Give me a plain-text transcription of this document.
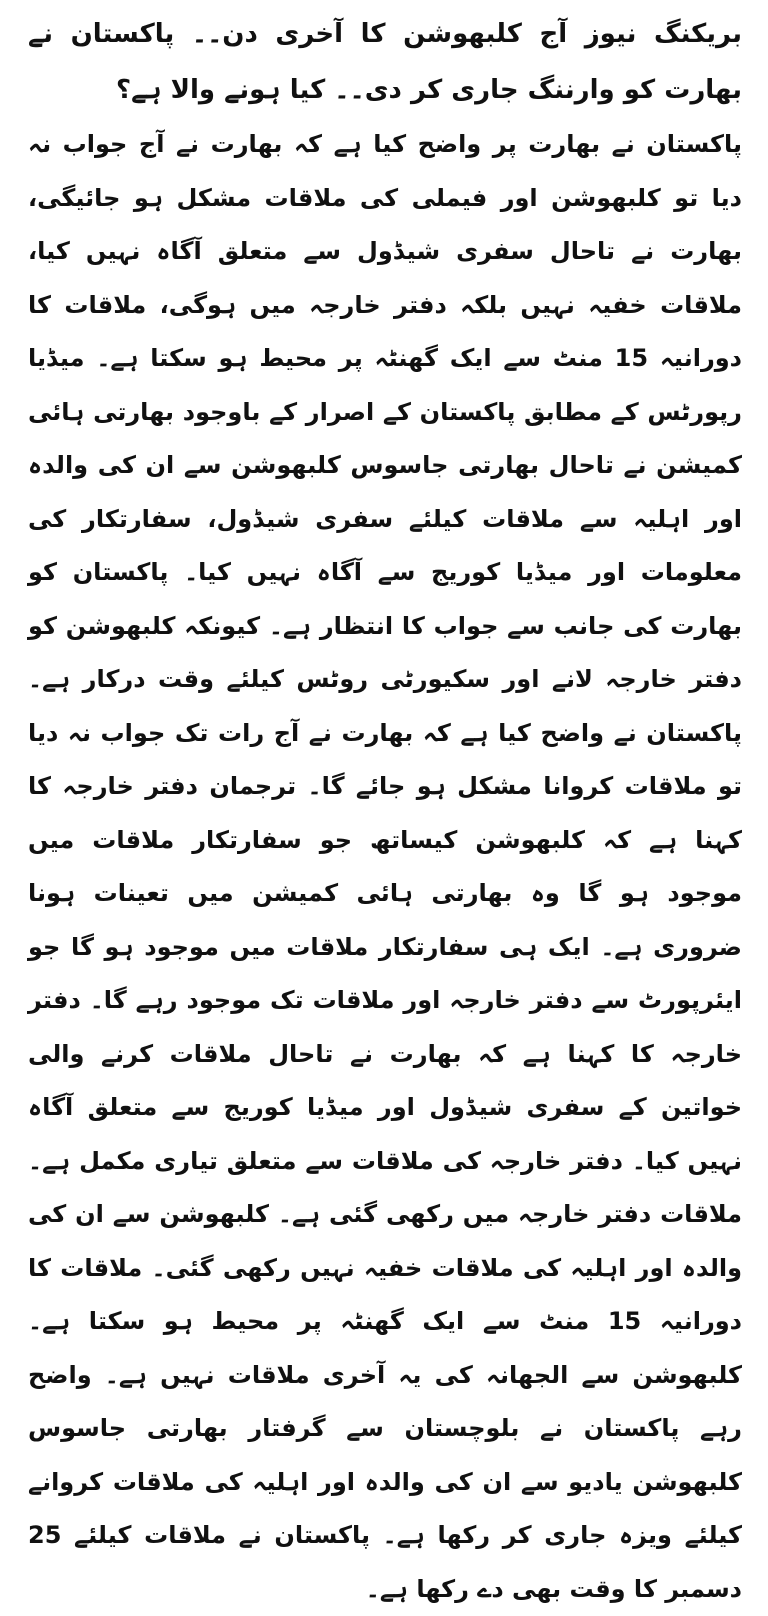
بریکنگ نیوز آج کلبھوشن کا آخری دن۔۔ پاکستان نے بھارت کو وارننگ جاری کر دی۔۔ کیا ہونے والا ہے؟

پاکستان نے بھارت پر واضح کیا ہے کہ بھارت نے آج جواب نہ دیا تو کلبھوشن اور فیملی کی ملاقات مشکل ہو جائیگی، بھارت نے تاحال سفری شیڈول سے متعلق آگاہ نہیں کیا، ملاقات خفیہ نہیں بلکہ دفتر خارجہ میں ہوگی، ملاقات کا دورانیہ 15 منٹ سے ایک گھنٹہ پر محیط ہو سکتا ہے۔ میڈیا رپورٹس کے مطابق پاکستان کے اصرار کے باوجود بھارتی ہائی کمیشن نے تاحال بھارتی جاسوس کلبھوشن سے ان کی والدہ اور اہلیہ سے ملاقات کیلئے سفری شیڈول، سفارتکار کی معلومات اور میڈیا کوریج سے آگاہ نہیں کیا۔ پاکستان کو بھارت کی جانب سے جواب کا انتظار ہے۔ کیونکہ کلبھوشن کو دفتر خارجہ لانے اور سکیورٹی روٹس کیلئے وقت درکار ہے۔ پاکستان نے واضح کیا ہے کہ بھارت نے آج رات تک جواب نہ دیا تو ملاقات کروانا مشکل ہو جائے گا۔ ترجمان دفتر خارجہ کا کہنا ہے کہ کلبھوشن کیساتھ جو سفارتکار ملاقات میں موجود ہو گا وہ بھارتی ہائی کمیشن میں تعینات ہونا ضروری ہے۔ ایک ہی سفارتکار ملاقات میں موجود ہو گا جو ایئرپورٹ سے دفتر خارجہ اور ملاقات تک موجود رہے گا۔ دفتر خارجہ کا کہنا ہے کہ بھارت نے تاحال ملاقات کرنے والی خواتین کے سفری شیڈول اور میڈیا کوریج سے متعلق آگاہ نہیں کیا۔ دفتر خارجہ کی ملاقات سے متعلق تیاری مکمل ہے۔ ملاقات دفتر خارجہ میں رکھی گئی ہے۔ کلبھوشن سے ان کی والدہ اور اہلیہ کی ملاقات خفیہ نہیں رکھی گئی۔ ملاقات کا دورانیہ 15 منٹ سے ایک گھنٹہ پر محیط ہو سکتا ہے۔ کلبھوشن سے الجھانہ کی یہ آخری ملاقات نہیں ہے۔ واضح رہے پاکستان نے بلوچستان سے گرفتار بھارتی جاسوس کلبھوشن یادیو سے ان کی والدہ اور اہلیہ کی ملاقات کروانے کیلئے ویزہ جاری کر رکھا ہے۔ پاکستان نے ملاقات کیلئے 25 دسمبر کا وقت بھی دے رکھا ہے۔
